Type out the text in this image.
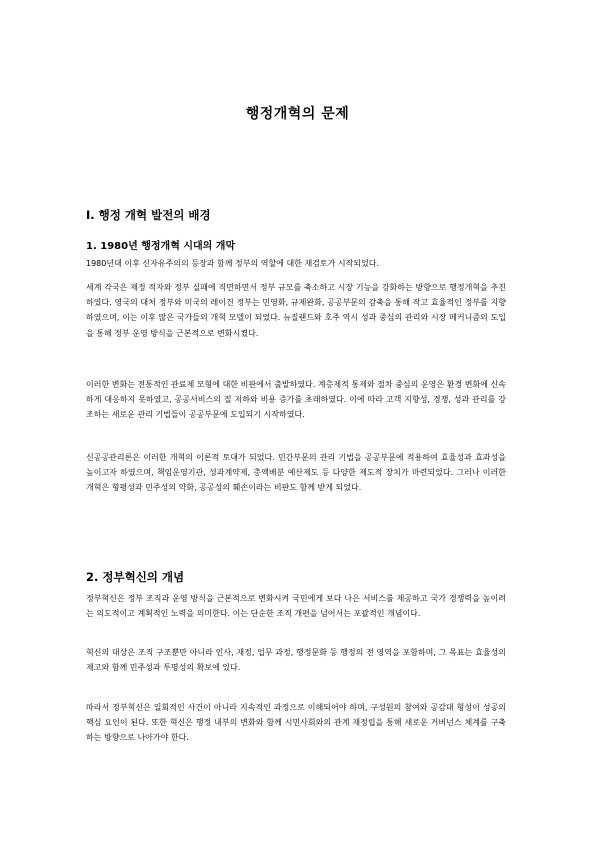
행정개혁의 문제
Ⅰ. 행정 개혁 발전의 배경
1. 1980년 행정개혁 시대의 개막
1980년대 이후 신자유주의의 등장과 함께 정부의 역할에 대한 재검토가 시작되었다.
세계 각국은 재정 적자와 정부 실패에 직면하면서 정부 규모를 축소하고 시장 기능을 강화하는 방향으로 행정개혁을 추진하였다. 영국의 대처 정부와 미국의 레이건 정부는 민영화, 규제완화, 공공부문의 감축을 통해 작고 효율적인 정부를 지향하였으며, 이는 이후 많은 국가들의 개혁 모델이 되었다. 뉴질랜드와 호주 역시 성과 중심의 관리와 시장 메커니즘의 도입을 통해 정부 운영 방식을 근본적으로 변화시켰다.
이러한 변화는 전통적인 관료제 모형에 대한 비판에서 출발하였다. 계층제적 통제와 절차 중심의 운영은 환경 변화에 신속하게 대응하지 못하였고, 공공서비스의 질 저하와 비용 증가를 초래하였다. 이에 따라 고객 지향성, 경쟁, 성과 관리를 강조하는 새로운 관리 기법들이 공공부문에 도입되기 시작하였다.
신공공관리론은 이러한 개혁의 이론적 토대가 되었다. 민간부문의 관리 기법을 공공부문에 적용하여 효율성과 효과성을 높이고자 하였으며, 책임운영기관, 성과계약제, 총액배분 예산제도 등 다양한 제도적 장치가 마련되었다. 그러나 이러한 개혁은 형평성과 민주성의 약화, 공공성의 훼손이라는 비판도 함께 받게 되었다.
2. 정부혁신의 개념
정부혁신은 정부 조직과 운영 방식을 근본적으로 변화시켜 국민에게 보다 나은 서비스를 제공하고 국가 경쟁력을 높이려는 의도적이고 계획적인 노력을 의미한다. 이는 단순한 조직 개편을 넘어서는 포괄적인 개념이다.
혁신의 대상은 조직 구조뿐만 아니라 인사, 재정, 업무 과정, 행정문화 등 행정의 전 영역을 포함하며, 그 목표는 효율성의 제고와 함께 민주성과 투명성의 확보에 있다.
따라서 정부혁신은 일회적인 사건이 아니라 지속적인 과정으로 이해되어야 하며, 구성원의 참여와 공감대 형성이 성공의 핵심 요인이 된다. 또한 혁신은 행정 내부의 변화와 함께 시민사회와의 관계 재정립을 통해 새로운 거버넌스 체계를 구축하는 방향으로 나아가야 한다.
